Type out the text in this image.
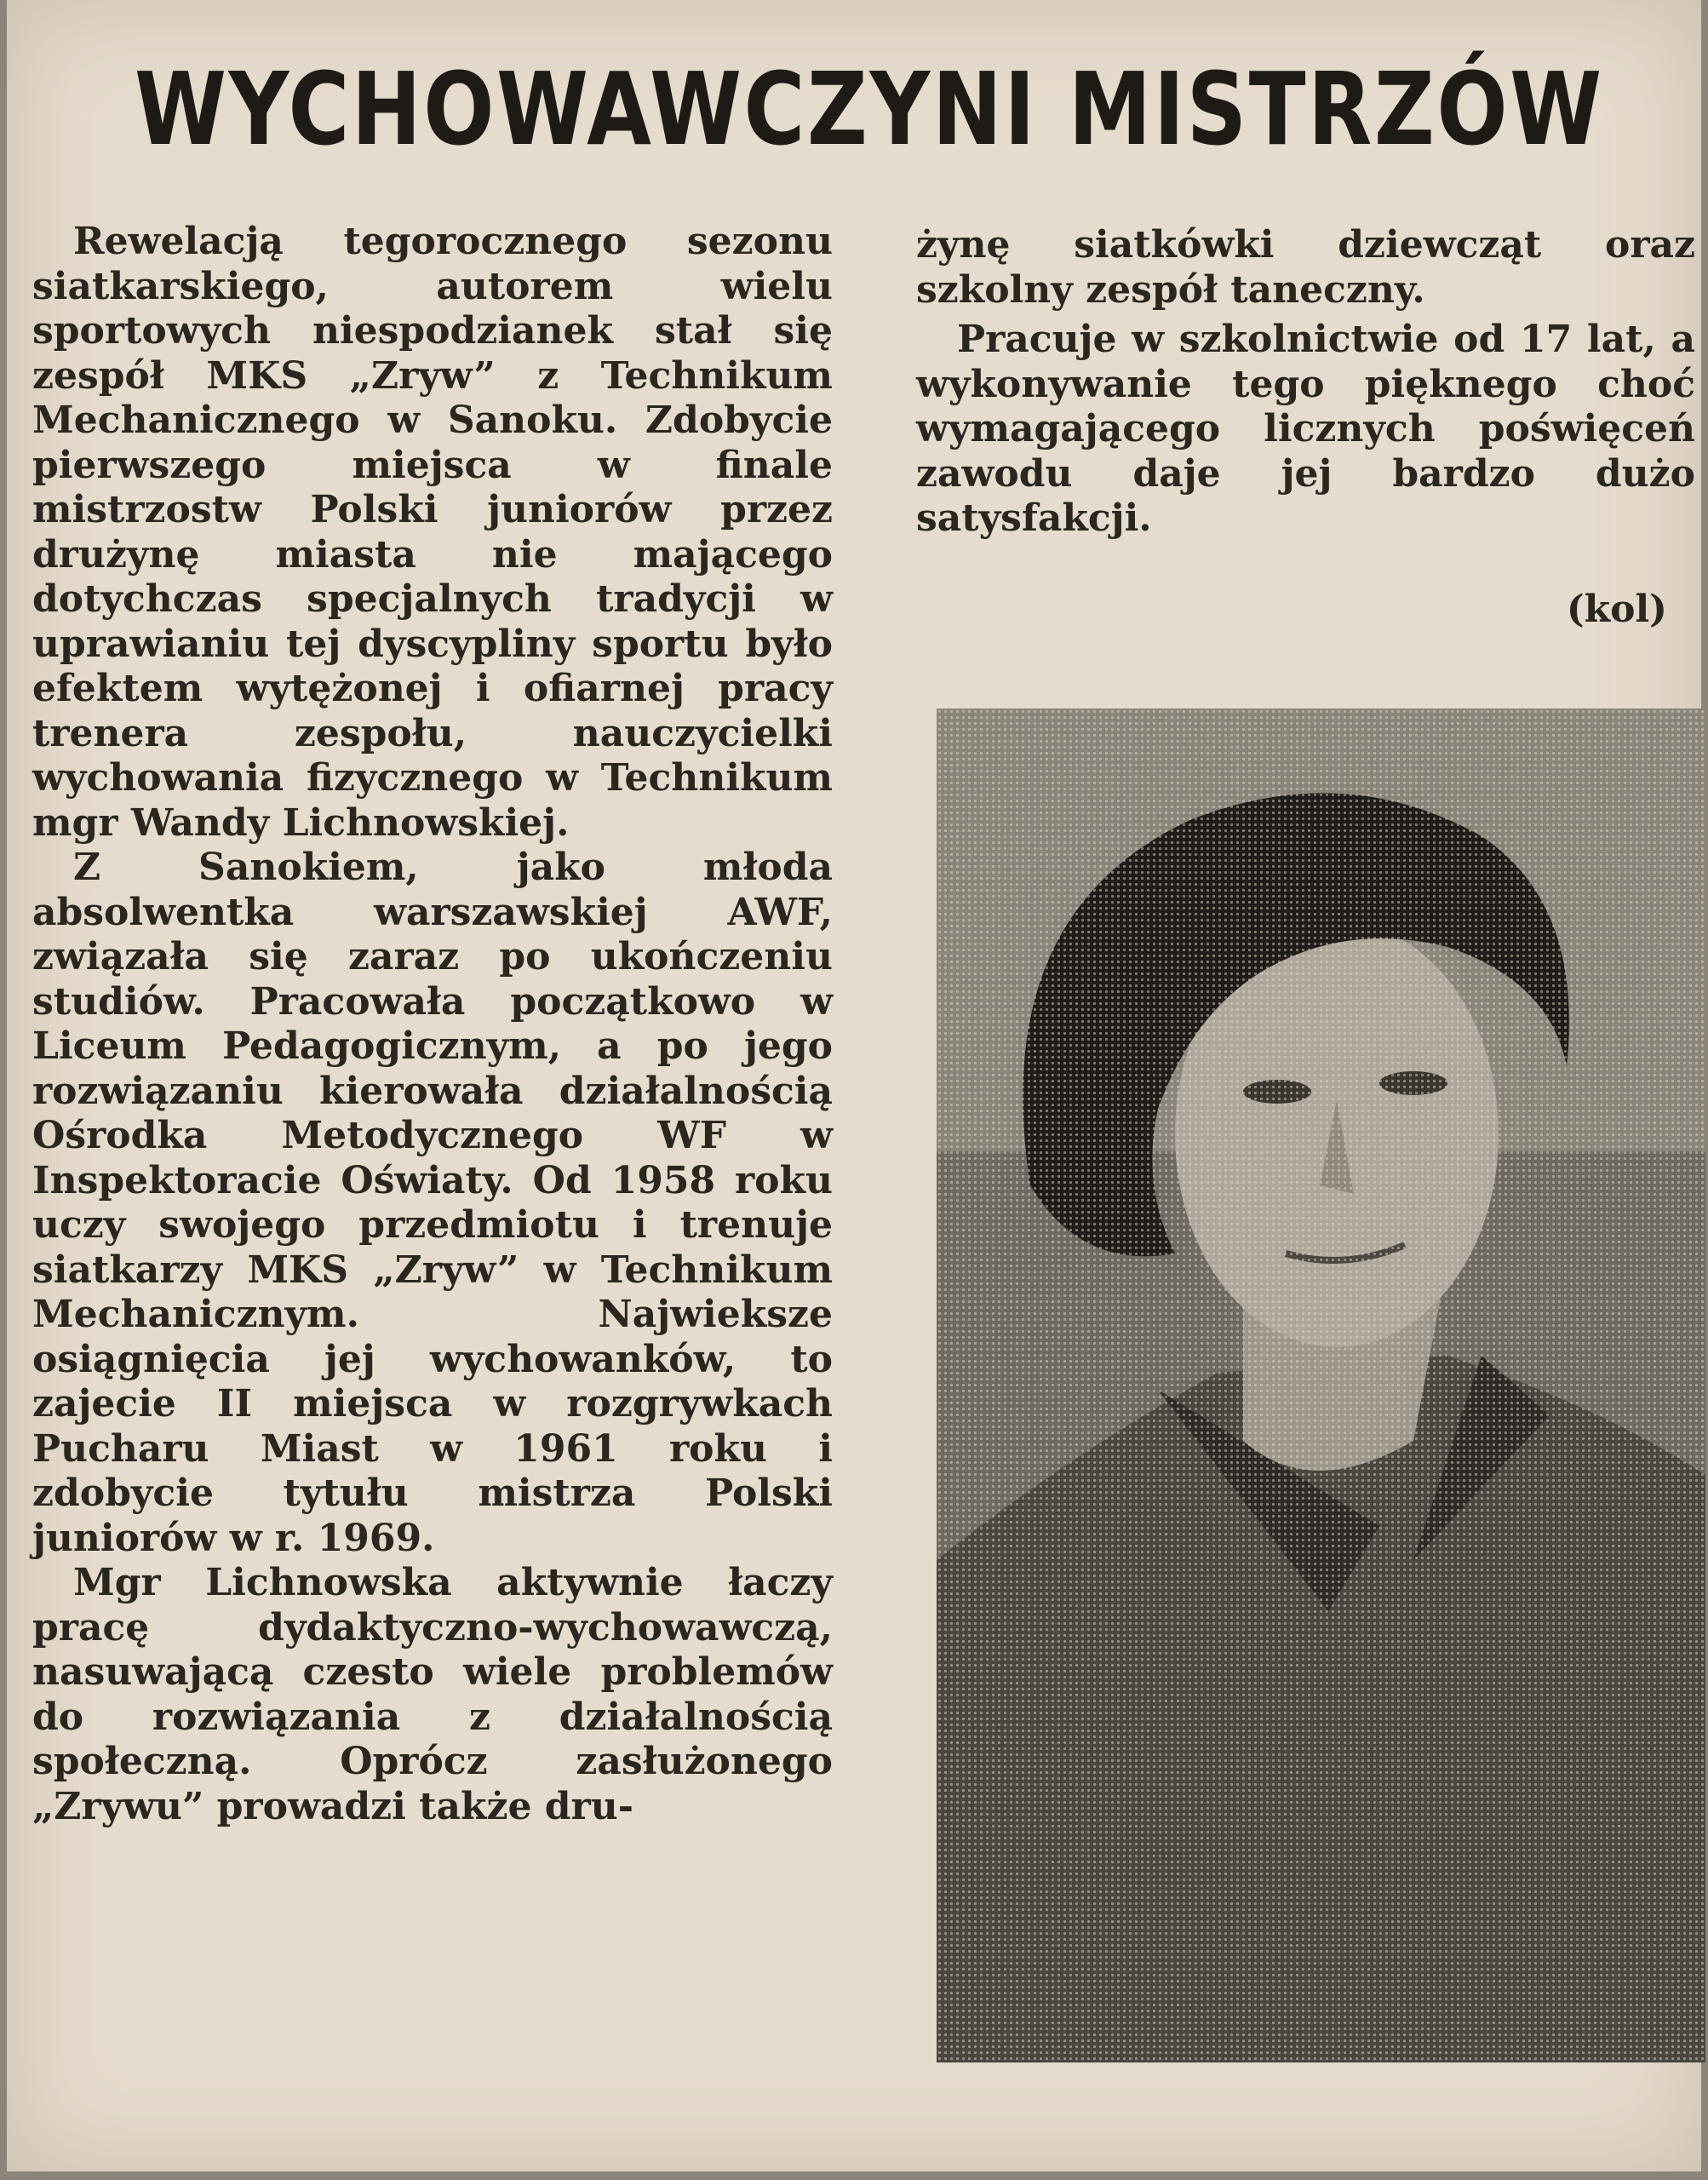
WYCHOWAWCZYNI MISTRZÓW

Rewelacją tegorocznego sezonu siatkarskiego, autorem wielu sportowych niespodzianek stał się zespół MKS „Zryw” z Technikum Mechanicznego w Sanoku. Zdobycie pierwszego miejsca w finale mistrzostw Polski juniorów przez drużynę miasta nie mającego dotychczas specjalnych tradycji w uprawianiu tej dyscypliny sportu było efektem wytężonej i ofiarnej pracy trenera zespołu, nauczycielki wychowania fizycznego w Technikum mgr Wandy Lichnowskiej.

Z Sanokiem, jako młoda absolwentka warszawskiej AWF, związała się zaraz po ukończeniu studiów. Pracowała początkowo w Liceum Pedagogicznym, a po jego rozwiązaniu kierowała działalnością Ośrodka Metodycznego WF w Inspektoracie Oświaty. Od 1958 roku uczy swojego przedmiotu i trenuje siatkarzy MKS „Zryw” w Technikum Mechanicznym. Najwieksze osiągnięcia jej wychowanków, to zajecie II miejsca w rozgrywkach Pucharu Miast w 1961 roku i zdobycie tytułu mistrza Polski juniorów w r. 1969.

Mgr Lichnowska aktywnie łaczy pracę dydaktyczno-wychowawczą, nasuwającą czesto wiele problemów do rozwiązania z działalnością społeczną. Oprócz zasłużonego „Zrywu” prowadzi także dru-

żynę siatkówki dziewcząt oraz szkolny zespół taneczny.

Pracuje w szkolnictwie od 17 lat, a wykonywanie tego pięknego choć wymagającego licznych poświęceń zawodu daje jej bardzo dużo satysfakcji.

(kol)
